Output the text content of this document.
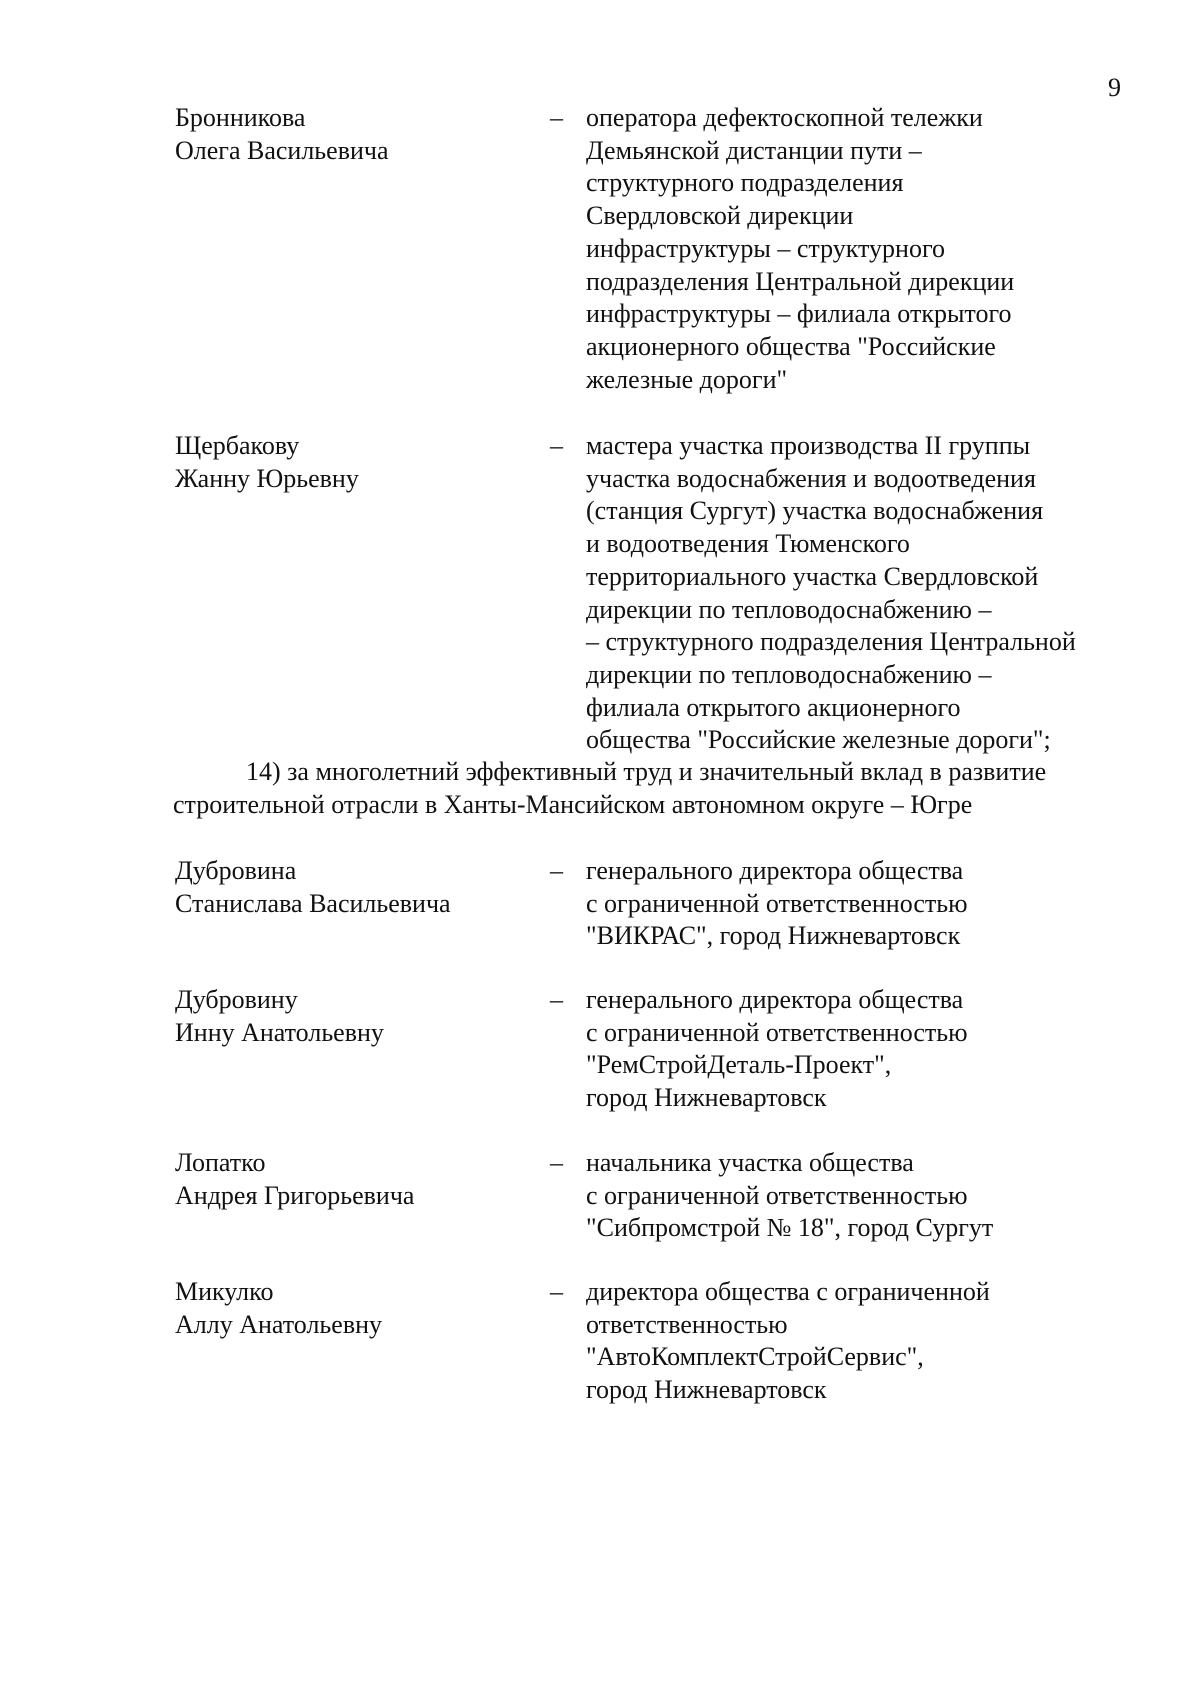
9
Бронникова
Олега Васильевича
– оператора дефектоскопной тележки
Демьянской дистанции пути –
структурного подразделения
Свердловской дирекции
инфраструктуры – структурного
подразделения Центральной дирекции
инфраструктуры – филиала открытого
акционерного общества "Российские
железные дороги"
Щербакову
Жанну Юрьевну
– мастера участка производства II группы
участка водоснабжения и водоотведения
(станция Сургут) участка водоснабжения
и водоотведения Тюменского
территориального участка Свердловской
дирекции по тепловодоснабжению –
– структурного подразделения Центральной
дирекции по тепловодоснабжению –
филиала открытого акционерного
общества "Российские железные дороги";
14) за многолетний эффективный труд и значительный вклад в развитие
строительной отрасли в Ханты-Мансийском автономном округе – Югре
Дубровина
Станислава Васильевича
– генерального директора общества
с ограниченной ответственностью
"ВИКРАС", город Нижневартовск
Дубровину
Инну Анатольевну
– генерального директора общества
с ограниченной ответственностью
"РемСтройДеталь-Проект",
город Нижневартовск
Лопатко
Андрея Григорьевича
– начальника участка общества
с ограниченной ответственностью
"Сибпромстрой № 18", город Сургут
Микулко
Аллу Анатольевну
– директора общества с ограниченной
ответственностью
"АвтоКомплектСтройСервис",
город Нижневартовск
